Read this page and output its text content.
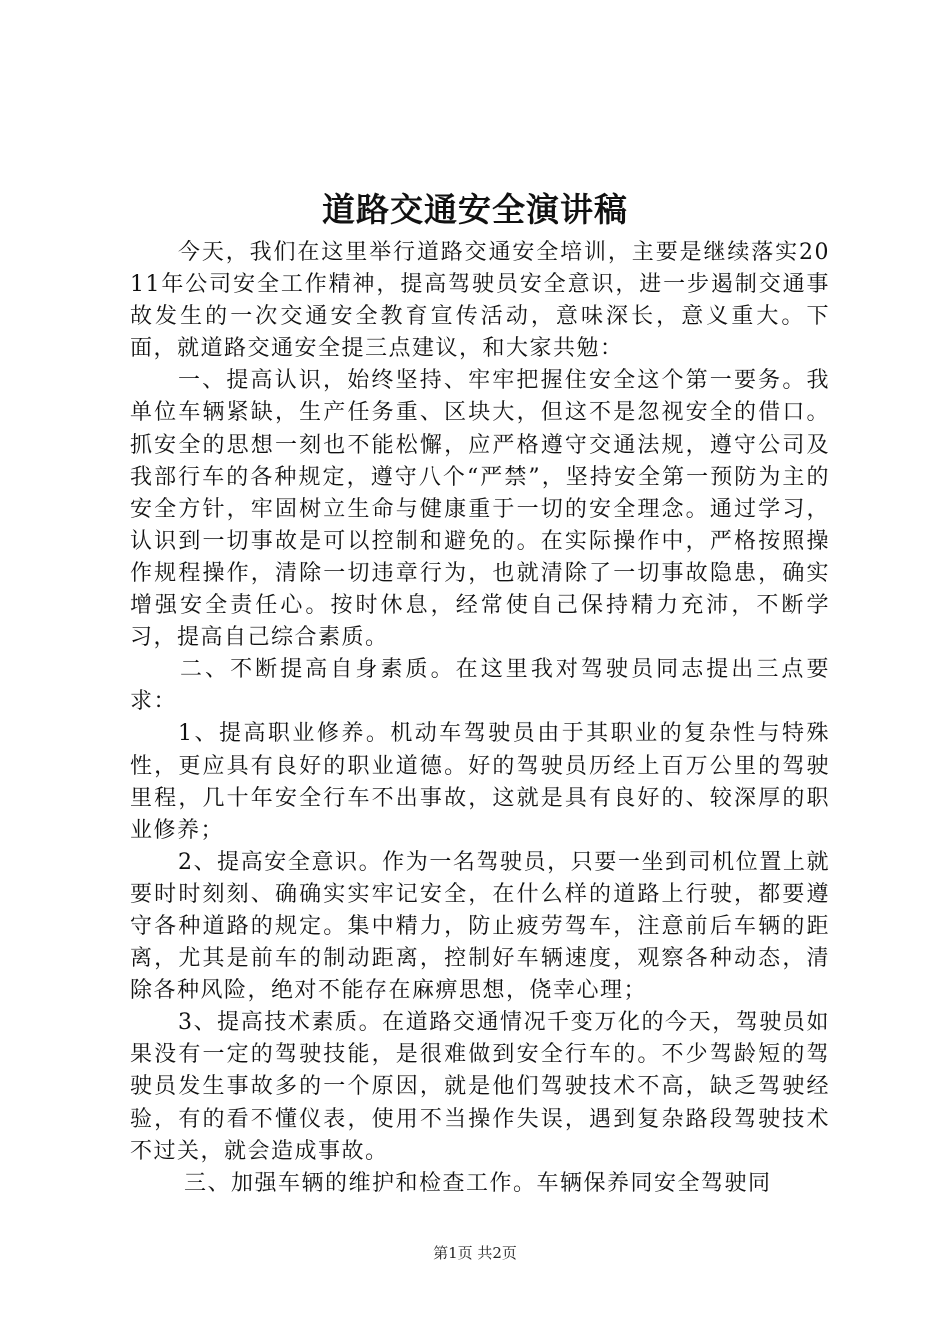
道路交通安全演讲稿

今天，我们在这里举行道路交通安全培训，主要是继续落实2011年公司安全工作精神，提高驾驶员安全意识，进一步遏制交通事故发生的一次交通安全教育宣传活动，意味深长，意义重大。下面，就道路交通安全提三点建议，和大家共勉：

一、提高认识，始终坚持、牢牢把握住安全这个第一要务。我单位车辆紧缺，生产任务重、区块大，但这不是忽视安全的借口。抓安全的思想一刻也不能松懈，应严格遵守交通法规，遵守公司及我部行车的各种规定，遵守八个“严禁”，坚持安全第一预防为主的安全方针，牢固树立生命与健康重于一切的安全理念。通过学习，认识到一切事故是可以控制和避免的。在实际操作中，严格按照操作规程操作，清除一切违章行为，也就清除了一切事故隐患，确实增强安全责任心。按时休息，经常使自己保持精力充沛，不断学习，提高自己综合素质。

二、不断提高自身素质。在这里我对驾驶员同志提出三点要求：

1、提高职业修养。机动车驾驶员由于其职业的复杂性与特殊性，更应具有良好的职业道德。好的驾驶员历经上百万公里的驾驶里程，几十年安全行车不出事故，这就是具有良好的、较深厚的职业修养；

2、提高安全意识。作为一名驾驶员，只要一坐到司机位置上就要时时刻刻、确确实实牢记安全，在什么样的道路上行驶，都要遵守各种道路的规定。集中精力，防止疲劳驾车，注意前后车辆的距离，尤其是前车的制动距离，控制好车辆速度，观察各种动态，清除各种风险，绝对不能存在麻痹思想，侥幸心理；

3、提高技术素质。在道路交通情况千变万化的今天，驾驶员如果没有一定的驾驶技能，是很难做到安全行车的。不少驾龄短的驾驶员发生事故多的一个原因，就是他们驾驶技术不高，缺乏驾驶经验，有的看不懂仪表，使用不当操作失误，遇到复杂路段驾驶技术不过关，就会造成事故。

三、加强车辆的维护和检查工作。车辆保养同安全驾驶同

第1页 共2页
